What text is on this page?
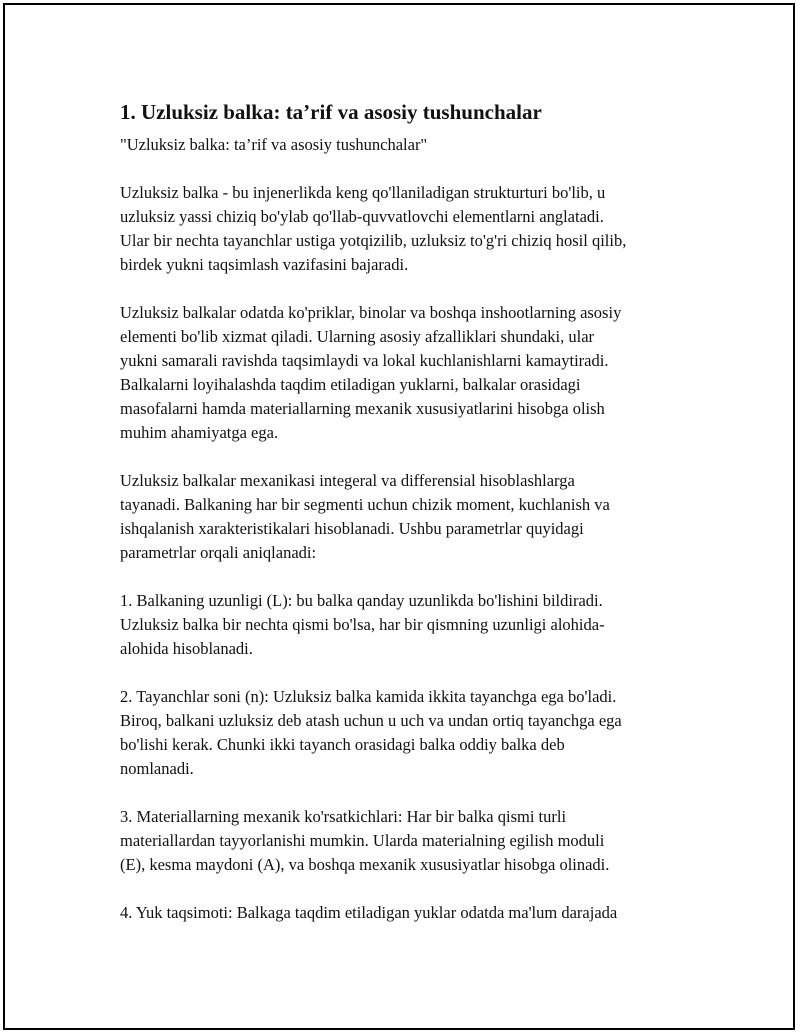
1. Uzluksiz balka: ta’rif va asosiy tushunchalar

"Uzluksiz balka: ta’rif va asosiy tushunchalar"

Uzluksiz balka - bu injenerlikda keng qo'llaniladigan strukturturi bo'lib, u
uzluksiz yassi chiziq bo'ylab qo'llab-quvvatlovchi elementlarni anglatadi.
Ular bir nechta tayanchlar ustiga yotqizilib, uzluksiz to'g'ri chiziq hosil qilib,
birdek yukni taqsimlash vazifasini bajaradi.

Uzluksiz balkalar odatda ko'priklar, binolar va boshqa inshootlarning asosiy
elementi bo'lib xizmat qiladi. Ularning asosiy afzalliklari shundaki, ular
yukni samarali ravishda taqsimlaydi va lokal kuchlanishlarni kamaytiradi.
Balkalarni loyihalashda taqdim etiladigan yuklarni, balkalar orasidagi
masofalarni hamda materiallarning mexanik xususiyatlarini hisobga olish
muhim ahamiyatga ega.

Uzluksiz balkalar mexanikasi integeral va differensial hisoblashlarga
tayanadi. Balkaning har bir segmenti uchun chizik moment, kuchlanish va
ishqalanish xarakteristikalari hisoblanadi. Ushbu parametrlar quyidagi
parametrlar orqali aniqlanadi:

1. Balkaning uzunligi (L): bu balka qanday uzunlikda bo'lishini bildiradi.
Uzluksiz balka bir nechta qismi bo'lsa, har bir qismning uzunligi alohida-
alohida hisoblanadi.

2. Tayanchlar soni (n): Uzluksiz balka kamida ikkita tayanchga ega bo'ladi.
Biroq, balkani uzluksiz deb atash uchun u uch va undan ortiq tayanchga ega
bo'lishi kerak. Chunki ikki tayanch orasidagi balka oddiy balka deb
nomlanadi.

3. Materiallarning mexanik ko'rsatkichlari: Har bir balka qismi turli
materiallardan tayyorlanishi mumkin. Ularda materialning egilish moduli
(E), kesma maydoni (A), va boshqa mexanik xususiyatlar hisobga olinadi.

4. Yuk taqsimoti: Balkaga taqdim etiladigan yuklar odatda ma'lum darajada
